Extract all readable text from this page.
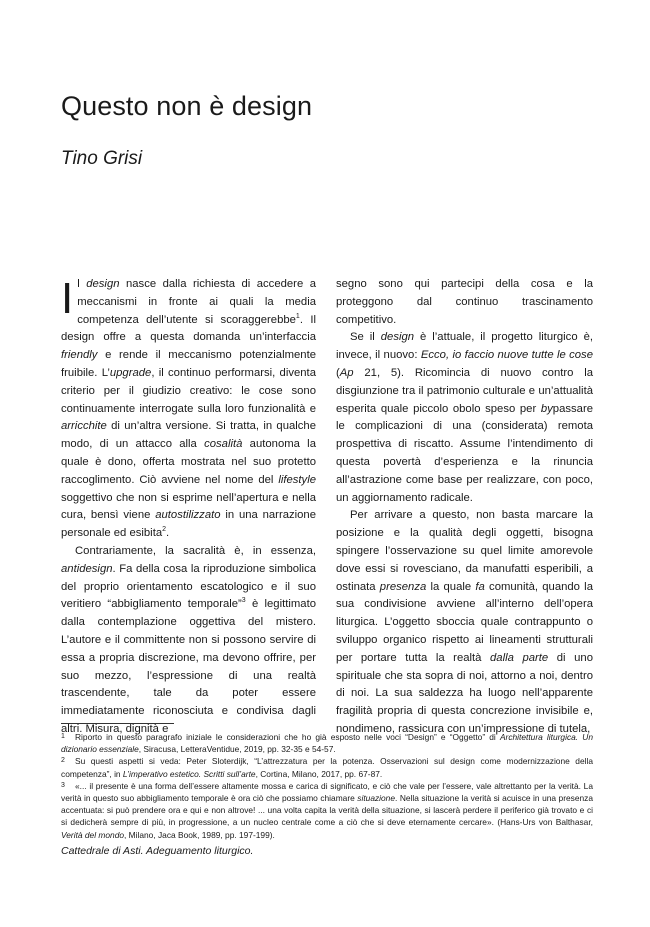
Questo non è design
Tino Grisi

Il design nasce dalla richiesta di accedere a meccanismi in fronte ai quali la media competenza dell’utente si scoraggerebbe$^1$. Il design offre a questa domanda un’interfaccia friendly e rende il meccanismo potenzialmente fruibile. L’upgrade, il continuo performarsi, diventa criterio per il giudizio creativo: le cose sono continuamente interrogate sulla loro funzionalità e arricchite di un’altra versione. Si tratta, in qualche modo, di un attacco alla cosalità autonoma la quale è dono, offerta mostrata nel suo protetto raccoglimento. Ciò avviene nel nome del lifestyle soggettivo che non si esprime nell’apertura e nella cura, bensì viene autostilizzato in una narrazione personale ed esibita$^2$.

Contrariamente, la sacralità è, in essenza, antidesign. Fa della cosa la riproduzione simbolica del proprio orientamento escatologico e il suo veritiero “abbigliamento temporale”$^3$ è legittimato dalla contemplazione oggettiva del mistero. L’autore e il committente non si possono servire di essa a propria discrezione, ma devono offrire, per suo mezzo, l’espressione di una realtà trascendente, tale da poter essere immediatamente riconosciuta e condivisa dagli altri. Misura, dignità e

segno sono qui partecipi della cosa e la proteggono dal continuo trascinamento competitivo.

Se il design è l’attuale, il progetto liturgico è, invece, il nuovo: Ecco, io faccio nuove tutte le cose (Ap 21, 5). Ricomincia di nuovo contro la disgiunzione tra il patrimonio culturale e un’attualità esperita quale piccolo obolo speso per bypassare le complicazioni di una (considerata) remota prospettiva di riscatto. Assume l’intendimento di questa povertà d’esperienza e la rinuncia all’astrazione come base per realizzare, con poco, un aggiornamento radicale.

Per arrivare a questo, non basta marcare la posizione e la qualità degli oggetti, bisogna spingere l’osservazione su quel limite amorevole dove essi si rovesciano, da manufatti esperibili, a ostinata presenza la quale fa comunità, quando la sua condivisione avviene all’interno dell’opera liturgica. L’oggetto sboccia quale contrappunto o sviluppo organico rispetto ai lineamenti strutturali per portare tutta la realtà dalla parte di uno spirituale che sta sopra di noi, attorno a noi, dentro di noi. La sua saldezza ha luogo nell’apparente fragilità propria di questa concrezione invisibile e, nondimeno, rassicura con un’impressione di tutela,

1 Riporto in questo paragrafo iniziale le considerazioni che ho già esposto nelle voci “Design” e “Oggetto” di Architettura liturgica. Un dizionario essenziale, Siracusa, LetteraVentidue, 2019, pp. 32-35 e 54-57.

2 Su questi aspetti si veda: Peter Sloterdijk, “L’attrezzatura per la potenza. Osservazioni sul design come modernizzazione della competenza”, in L’imperativo estetico. Scritti sull’arte, Cortina, Milano, 2017, pp. 67-87.

3 «... il presente è una forma dell’essere altamente mossa e carica di significato, e ciò che vale per l’essere, vale altrettanto per la verità. La verità in questo suo abbigliamento temporale è ora ciò che possiamo chiamare situazione. Nella situazione la verità si acuisce in una presenza accentuata: si può prendere ora e qui e non altrove! ... una volta capita la verità della situazione, si lascerà perdere il periferico già trovato e ci si dedicherà sempre di più, in progressione, a un nucleo centrale come a ciò che si deve eternamente cercare». (Hans-Urs von Balthasar, Verità del mondo, Milano, Jaca Book, 1989, pp. 197-199).

Cattedrale di Asti. Adeguamento liturgico.
